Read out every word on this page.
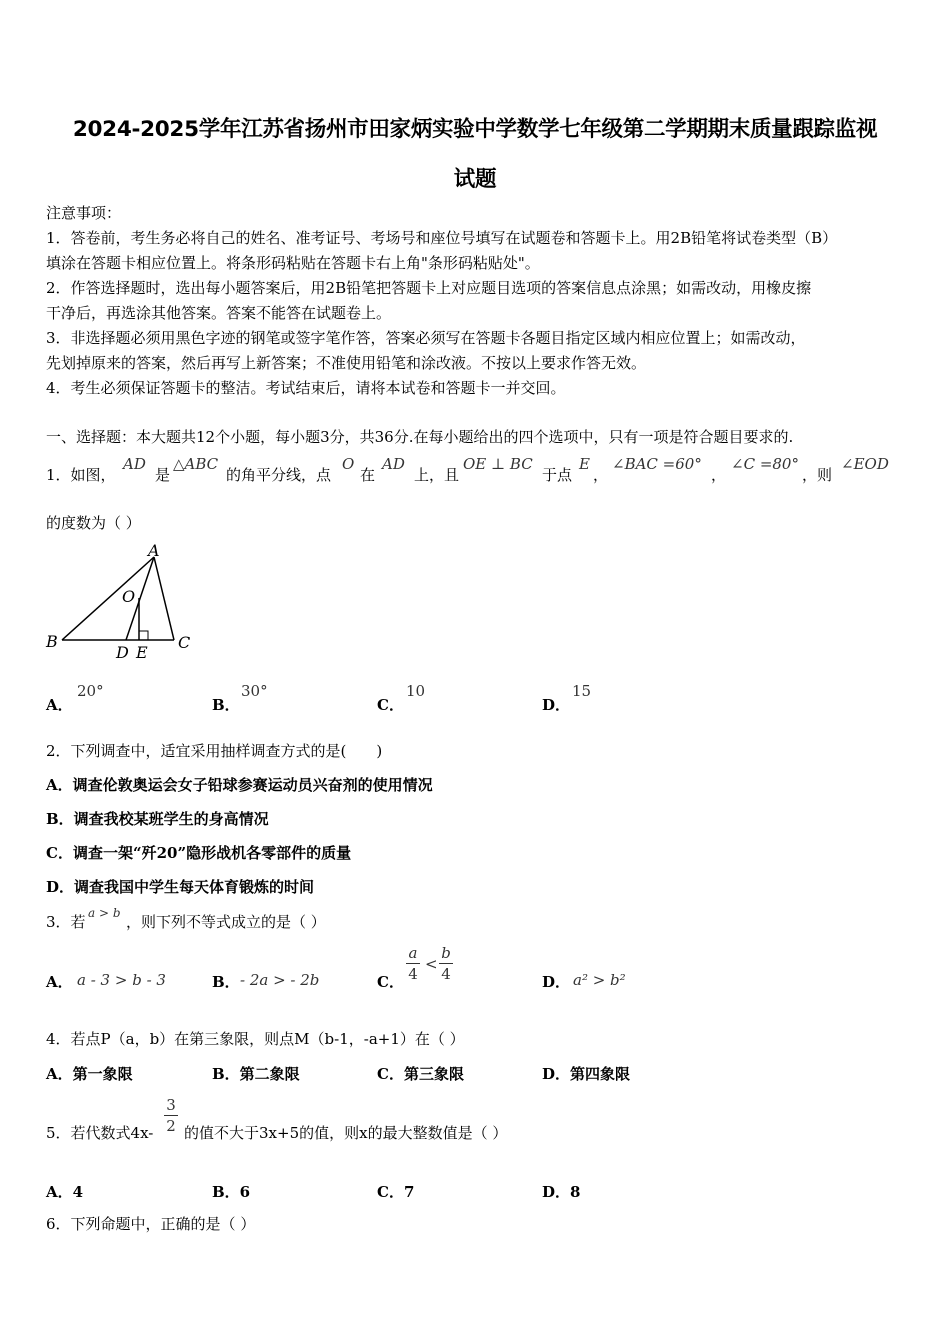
2024-2025学年江苏省扬州市田家炳实验中学数学七年级第二学期期末质量跟踪监视
试题
注意事项：
1．答卷前，考生务必将自己的姓名、准考证号、考场号和座位号填写在试题卷和答题卡上。用2B铅笔将试卷类型（B）
填涂在答题卡相应位置上。将条形码粘贴在答题卡右上角"条形码粘贴处"。
2．作答选择题时，选出每小题答案后，用2B铅笔把答题卡上对应题目选项的答案信息点涂黑；如需改动，用橡皮擦
干净后，再选涂其他答案。答案不能答在试题卷上。
3．非选择题必须用黑色字迹的钢笔或签字笔作答，答案必须写在答题卡各题目指定区域内相应位置上；如需改动，
先划掉原来的答案，然后再写上新答案；不准使用铅笔和涂改液。不按以上要求作答无效。
4．考生必须保证答题卡的整洁。考试结束后，请将本试卷和答题卡一并交回。
一、选择题：本大题共12个小题，每小题3分，共36分.在每小题给出的四个选项中，只有一项是符合题目要求的.
1．如图，
AD
是
△ABC
的角平分线，点
O
在
AD
上，且
OE ⊥ BC
于点
E
，
∠BAC =60°
，
∠C =80°
，则
∠EOD
的度数为（ ）
A
O
B
D E
C
A．
20°
B．
30°
C．
10
D．
15
2．下列调查中，适宜采用抽样调查方式的是(　　)
A．调查伦敦奥运会女子铅球参赛运动员兴奋剂的使用情况
B．调查我校某班学生的身高情况
C．调查一架“歼20”隐形战机各零部件的质量
D．调查我国中学生每天体育锻炼的时间
3．若 a > b ，则下列不等式成立的是（ ）
A． a - 3 > b - 3	B． - 2a > - 2b	C．
a
4
<
b
4	D． a² > b²
4．若点P（a，b）在第三象限，则点M（b-1，-a+1）在（ ）
A．第一象限	B．第二象限	C．第三象限	D．第四象限
5．若代数式4x-
3
2 的值不大于3x+5的值，则x的最大整数值是（ ）
A．4	B．6	C．7	D．8
6．下列命题中，正确的是（ ）
